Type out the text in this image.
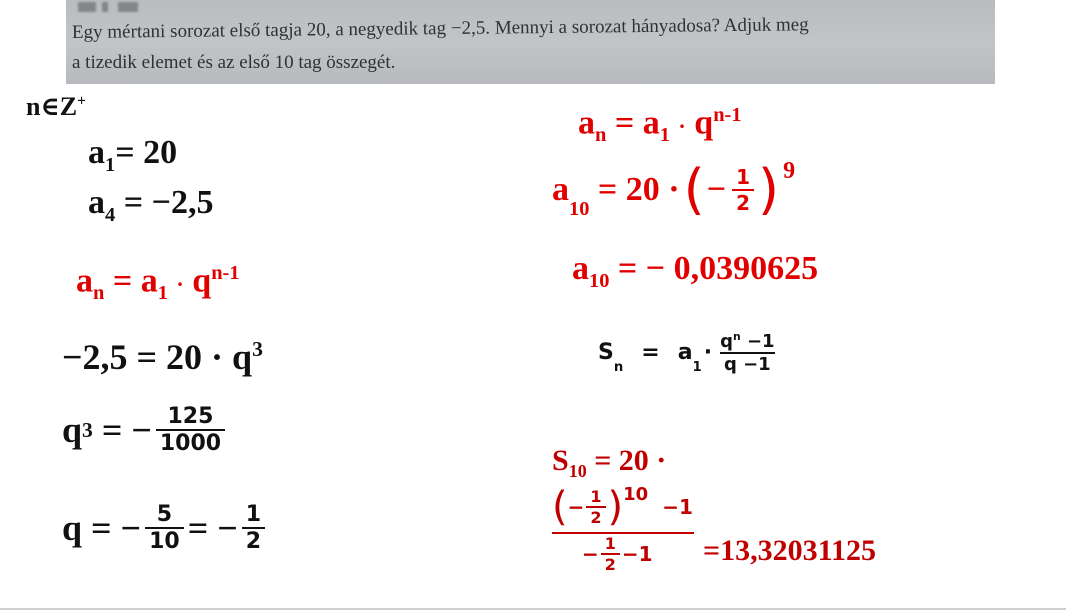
Egy mértani sorozat első tagja 20, a negyedik tag −2,5. Mennyi a sorozat hányadosa? Adjuk meg
a tizedik elemet és az első 10 tag összegét.
n∈Z+
$a_1= 20$
$a_4 = -2,5$
$a_n = a_1 \cdot q^{n-1}$
$-2,5 = 20 \cdot q^3$
q 3
= − $\frac{125}{1000}$
q = − $\frac{5}{10}$ = − $\frac{1}{2}$
$a_n = a_1 \cdot q^{n-1}$
a
$_{10}$

= 20 · ( − $\frac{1}{2}$ ) 9
$a_{10}$ = − 0,0390625
S
$_n$
= a
$_1$
· $\frac{q^n -1}{q -1}$
$S_{10} = 20$ ·
( − $\frac{1}{2}$ ) 10
−1
− $\frac{1}{2} -1 =13,32031125$
